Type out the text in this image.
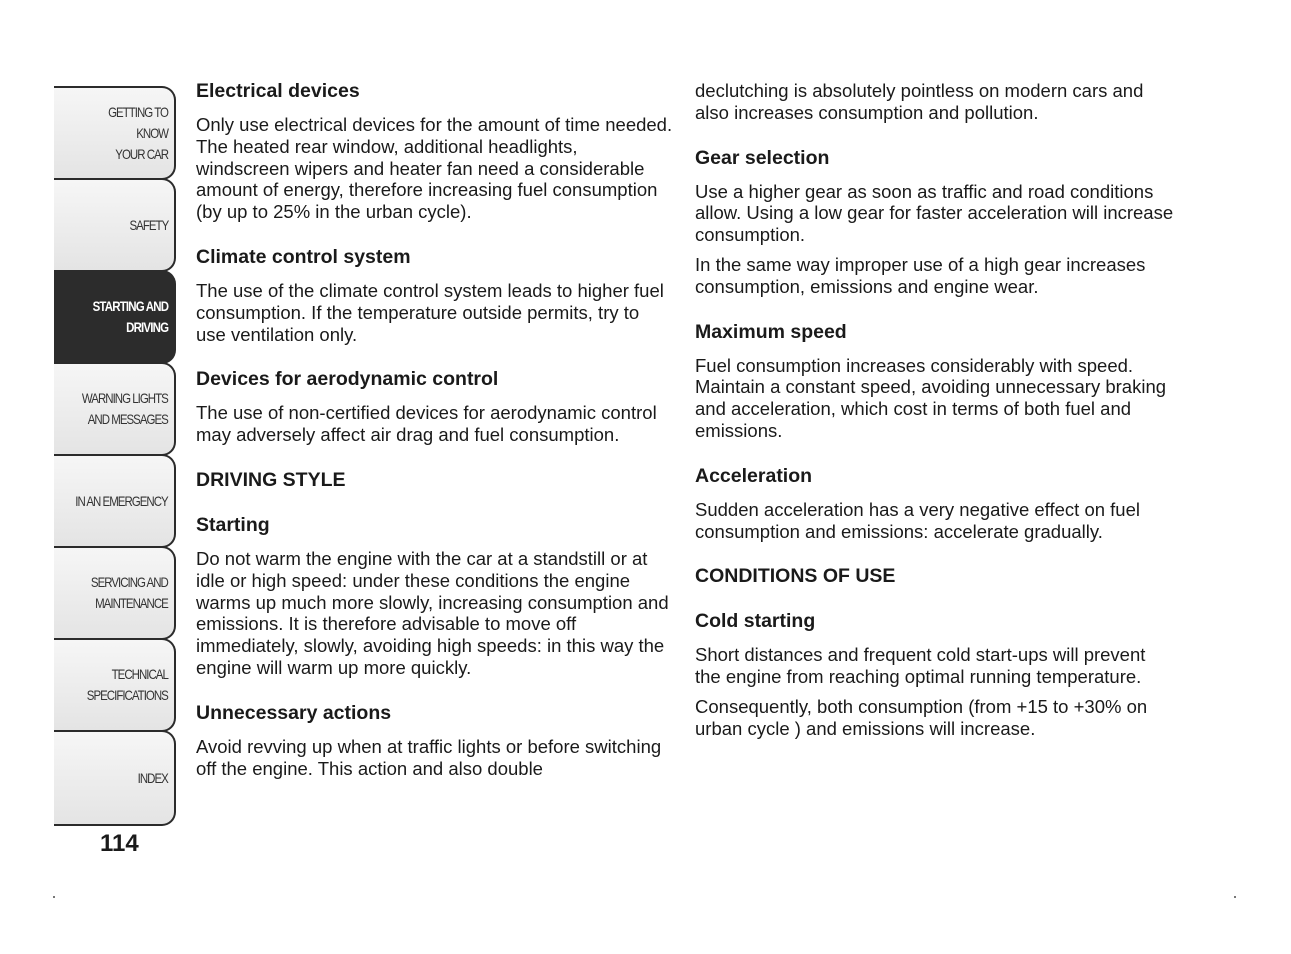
GETTING TO KNOW
YOUR CAR
SAFETY
STARTING AND
DRIVING
WARNING LIGHTS
AND MESSAGES
IN AN EMERGENCY
SERVICING AND
MAINTENANCE
TECHNICAL
SPECIFICATIONS
INDEX
114
Electrical devices

Only use electrical devices for the amount of time needed. The heated rear window, additional headlights, windscreen wipers and heater fan need a considerable amount of energy, therefore increasing fuel consumption (by up to 25% in the urban cycle).

Climate control system

The use of the climate control system leads to higher fuel consumption. If the temperature outside permits, try to use ventilation only.

Devices for aerodynamic control

The use of non-certified devices for aerodynamic control may adversely affect air drag and fuel consumption.

DRIVING STYLE
Starting

Do not warm the engine with the car at a standstill or at idle or high speed: under these conditions the engine warms up much more slowly, increasing consumption and emissions. It is therefore advisable to move off immediately, slowly, avoiding high speeds: in this way the engine will warm up more quickly.

Unnecessary actions

Avoid revving up when at traffic lights or before switching off the engine. This action and also double

declutching is absolutely pointless on modern cars and also increases consumption and pollution.

Gear selection

Use a higher gear as soon as traffic and road conditions allow. Using a low gear for faster acceleration will increase consumption.

In the same way improper use of a high gear increases consumption, emissions and engine wear.

Maximum speed

Fuel consumption increases considerably with speed. Maintain a constant speed, avoiding unnecessary braking and acceleration, which cost in terms of both fuel and emissions.

Acceleration

Sudden acceleration has a very negative effect on fuel consumption and emissions: accelerate gradually.

CONDITIONS OF USE
Cold starting

Short distances and frequent cold start-ups will prevent the engine from reaching optimal running temperature.

Consequently, both consumption (from +15 to +30% on urban cycle ) and emissions will increase.
